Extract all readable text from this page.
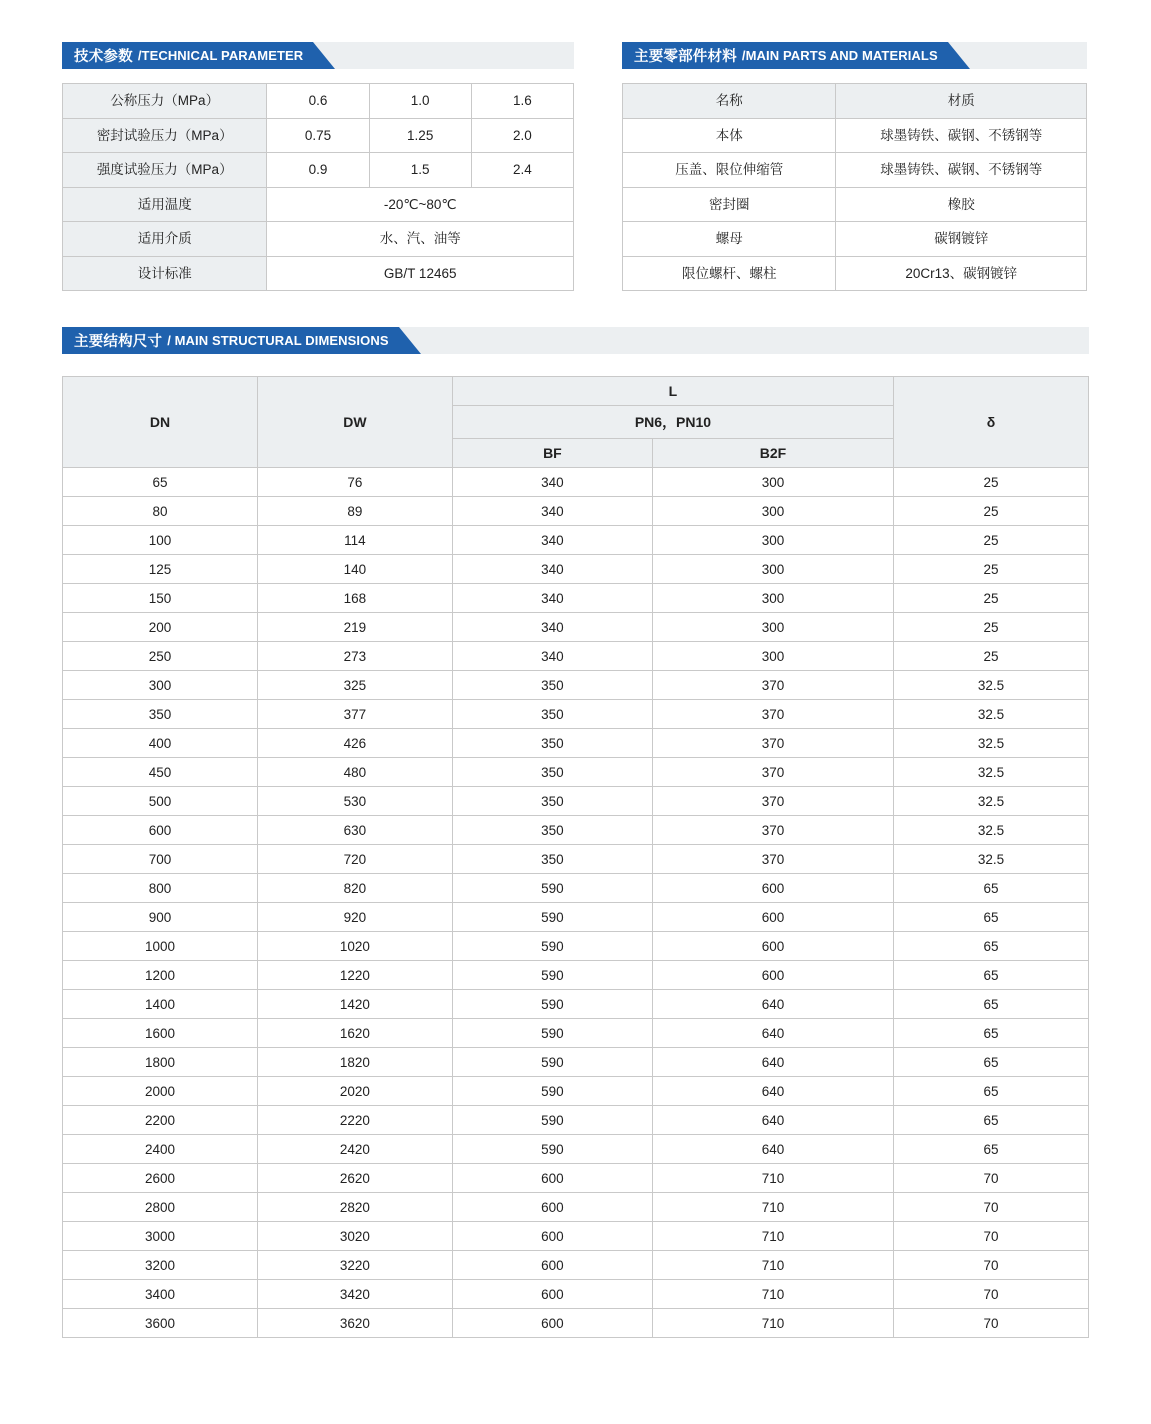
技术参数 /TECHNICAL PARAMETER
公称压力（MPa）	0.6	1.0	1.6
密封试验压力（MPa）	0.75	1.25	2.0
强度试验压力（MPa）	0.9	1.5	2.4
适用温度	-20℃~80℃		
适用介质	水、汽、油等		
设计标准	GB/T 12465		
主要零部件材料 /MAIN PARTS AND MATERIALS
名称	材质
本体	球墨铸铁、碳钢、不锈钢等
压盖、限位伸缩管	球墨铸铁、碳钢、不锈钢等
密封圈	橡胶
螺母	碳钢镀锌
限位螺杆、螺柱	20Cr13、碳钢镀锌
主要结构尺寸 / MAIN STRUCTURAL DIMENSIONS
DN	DW	L		δ
		PN6，PN10		
		BF	B2F	
65	76	340	300	25
80	89	340	300	25
100	114	340	300	25
125	140	340	300	25
150	168	340	300	25
200	219	340	300	25
250	273	340	300	25
300	325	350	370	32.5
350	377	350	370	32.5
400	426	350	370	32.5
450	480	350	370	32.5
500	530	350	370	32.5
600	630	350	370	32.5
700	720	350	370	32.5
800	820	590	600	65
900	920	590	600	65
1000	1020	590	600	65
1200	1220	590	600	65
1400	1420	590	640	65
1600	1620	590	640	65
1800	1820	590	640	65
2000	2020	590	640	65
2200	2220	590	640	65
2400	2420	590	640	65
2600	2620	600	710	70
2800	2820	600	710	70
3000	3020	600	710	70
3200	3220	600	710	70
3400	3420	600	710	70
3600	3620	600	710	70
